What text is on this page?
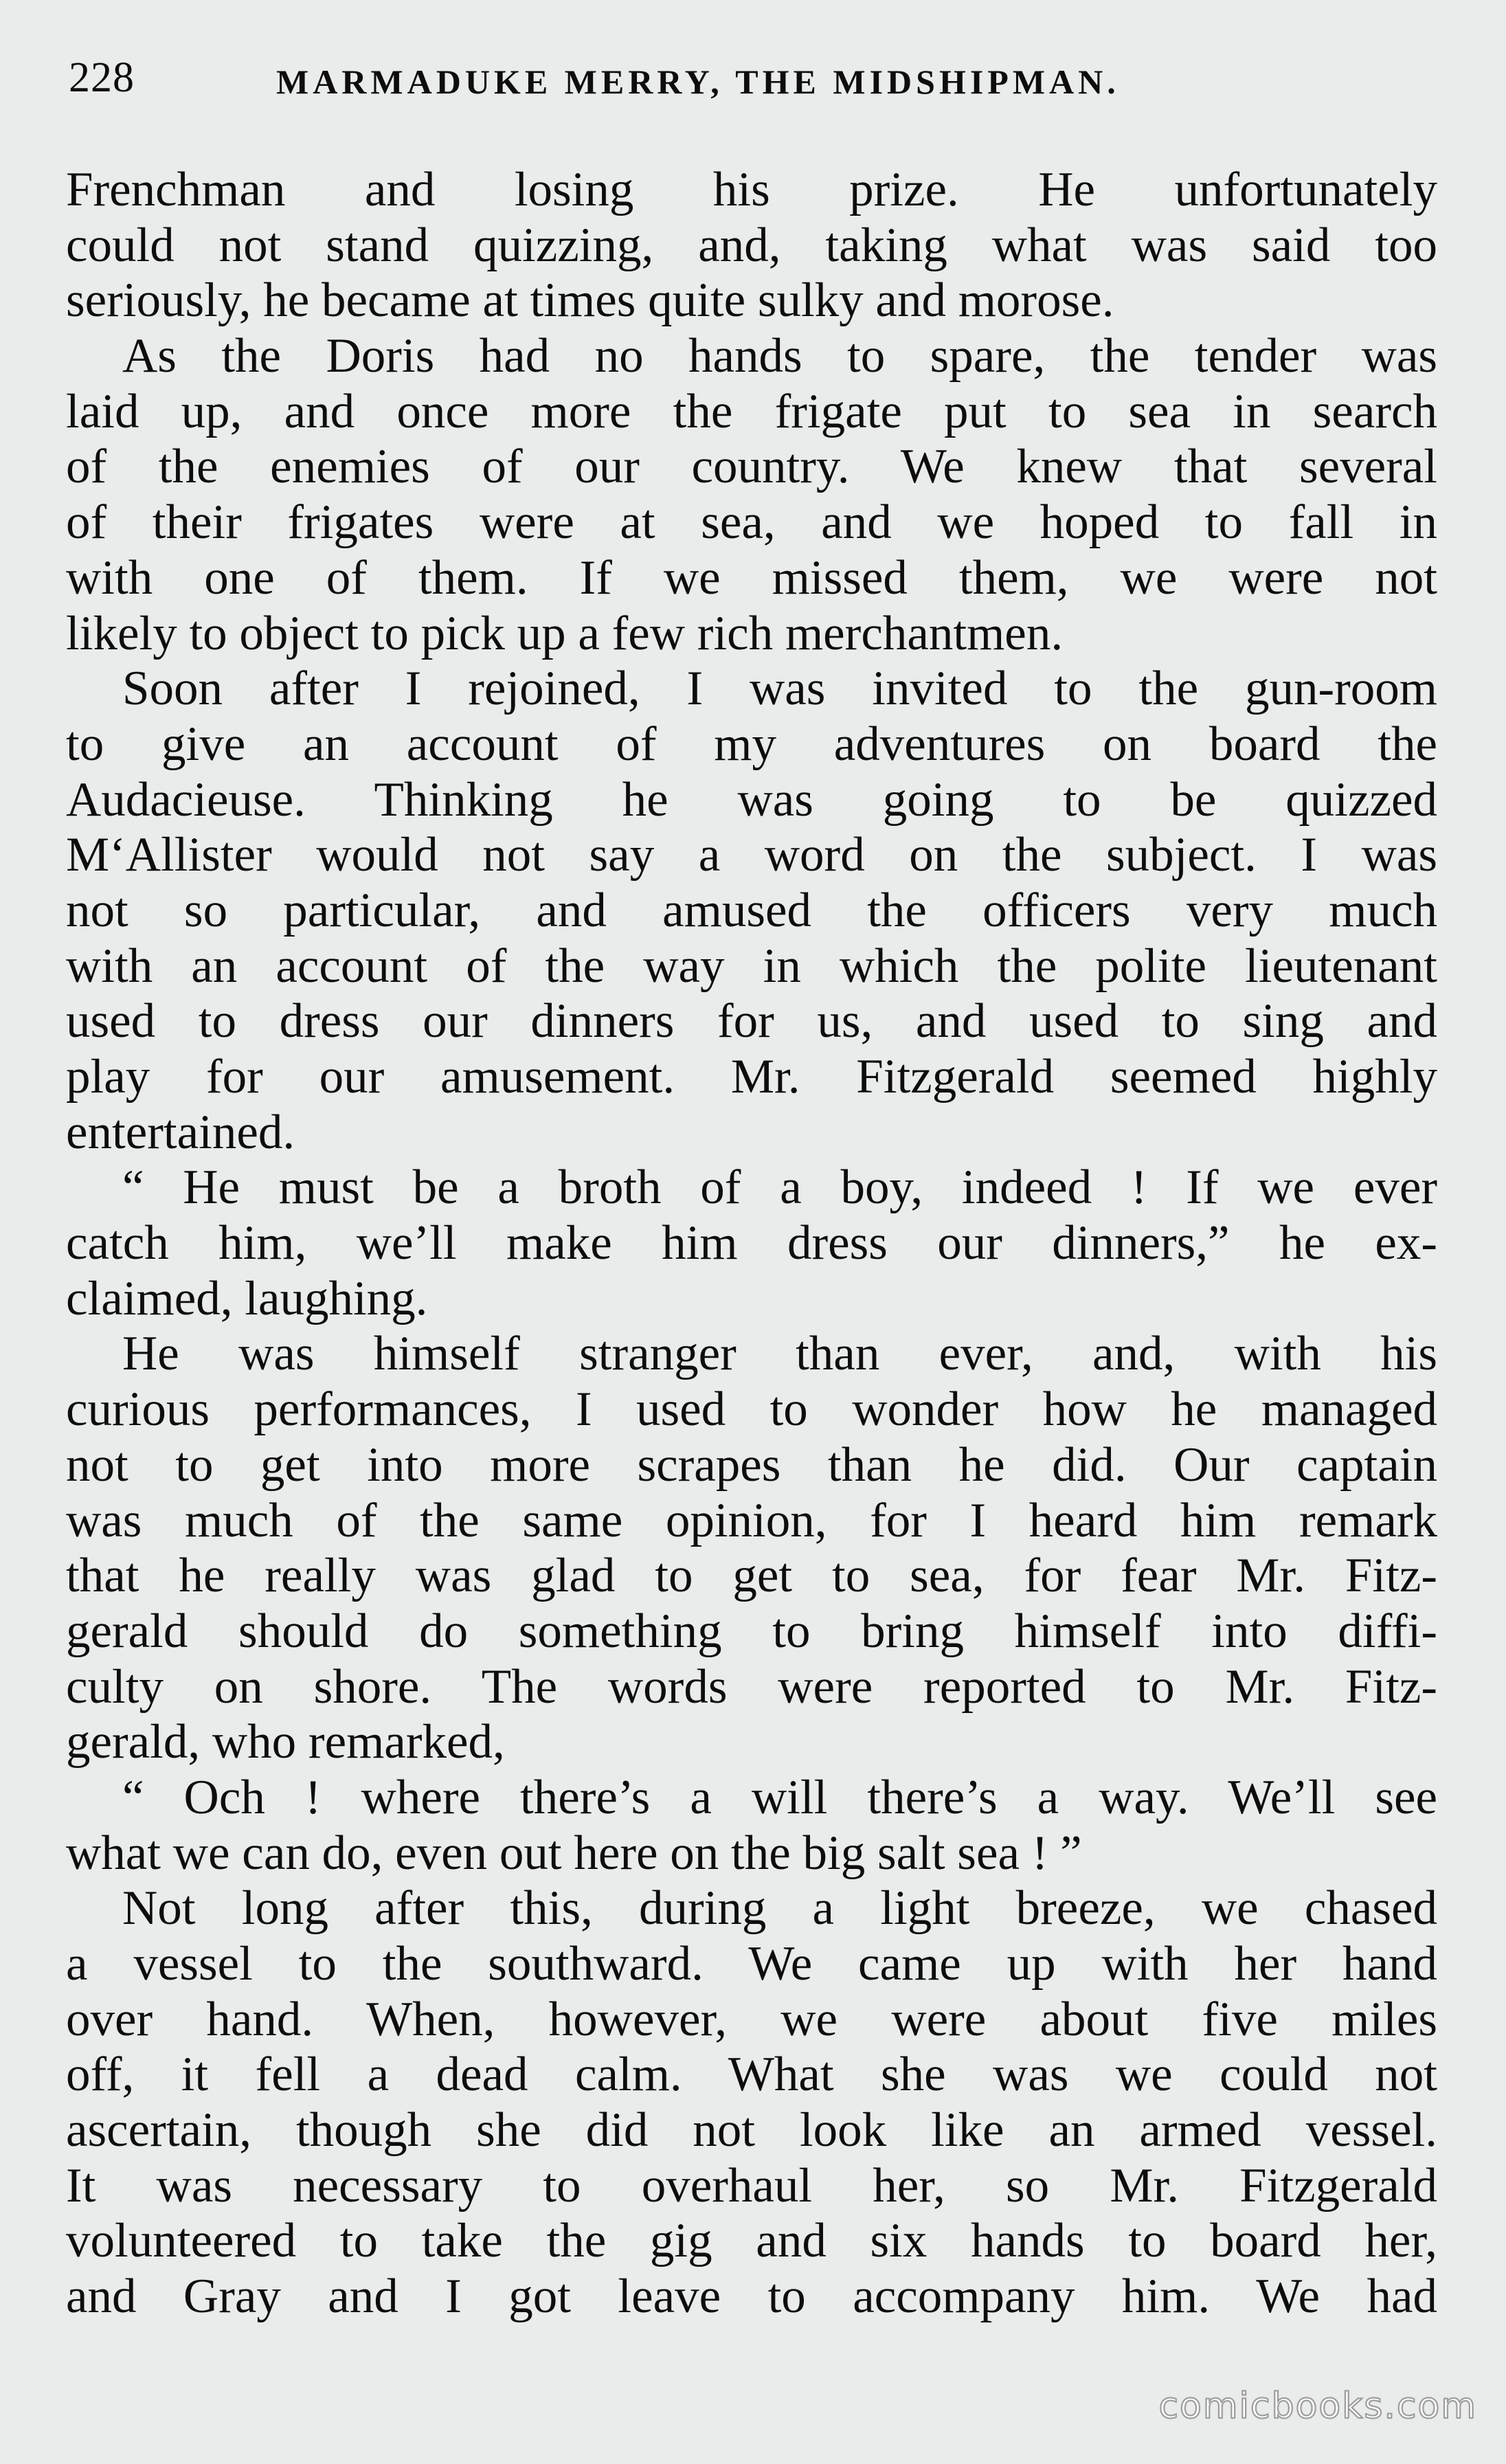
228	MARMADUKE MERRY, THE MIDSHIPMAN.
Frenchman and losing his prize. He unfortunately
could not stand quizzing, and, taking what was said too
seriously, he became at times quite sulky and morose.
As the Doris had no hands to spare, the tender was
laid up, and once more the frigate put to sea in search
of the enemies of our country. We knew that several
of their frigates were at sea, and we hoped to fall in
with one of them. If we missed them, we were not
likely to object to pick up a few rich merchantmen.
Soon after I rejoined, I was invited to the gun-room
to give an account of my adventures on board the
Audacieuse. Thinking he was going to be quizzed
M‘Allister would not say a word on the subject. I was
not so particular, and amused the officers very much
with an account of the way in which the polite lieutenant
used to dress our dinners for us, and used to sing and
play for our amusement. Mr. Fitzgerald seemed highly
entertained.
“ He must be a broth of a boy, indeed ! If we ever
catch him, we’ll make him dress our dinners,” he ex-
claimed, laughing.
He was himself stranger than ever, and, with his
curious performances, I used to wonder how he managed
not to get into more scrapes than he did. Our captain
was much of the same opinion, for I heard him remark
that he really was glad to get to sea, for fear Mr. Fitz-
gerald should do something to bring himself into diffi-
culty on shore. The words were reported to Mr. Fitz-
gerald, who remarked,
“ Och ! where there’s a will there’s a way. We’ll see
what we can do, even out here on the big salt sea ! ”
Not long after this, during a light breeze, we chased
a vessel to the southward. We came up with her hand
over hand. When, however, we were about five miles
off, it fell a dead calm. What she was we could not
ascertain, though she did not look like an armed vessel.
It was necessary to overhaul her, so Mr. Fitzgerald
volunteered to take the gig and six hands to board her,
and Gray and I got leave to accompany him. We had
comicbooks.com
